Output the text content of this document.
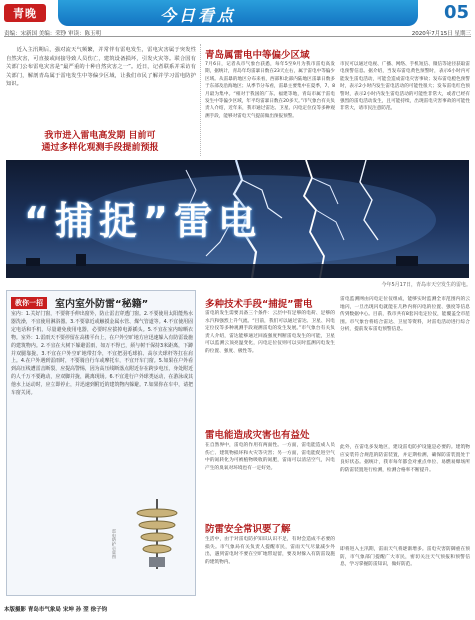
青晚	今日看点	05
责编：宋新国 美编：荣铮 审读：陈玉明	2020年7月15日 星期三

近入主汛期后，强对流天气频繁，并常伴有雷电发生，雷电灾害属于突发性自然灾害，可直接或间接导致人员伤亡，建筑设备损坏，引发火灾等。联合国有关部门公布雷电灾害是“最严重的十种自然灾害之一”。近日，记者联系并采访有关部门，解剖青岛属于雷电发生中等偏少区域，让我们市民了解并学习雷电防护知识。

我市进入雷电高发期 目前可
通过多样化观测手段提前预报
青岛属雷电中等偏少区域

7月6日，记者从市气象台获悉，每年5至9月为我市雷电高发期，据统计，青岛年均雷暴日数在23天左右，属于雷电中等偏少区域。从雷暴的地区分布来看，西部和北部内陆地区雷暴日数多于东部及沿海地区；从季节分布看，雷暴主要集中在夏季，7、8月最为集中。“相对于我国的广东、福建等地，青岛市属于雷电发生中等偏少区域，年平均雷暴日数在20多天。”市气象台有关负责人介绍，近年来，我市通过雷达、卫星、闪电定位仪等多种观测手段，能够对雷电天气提前做出预报预警。

市民可以通过电视、广播、网络、手机短信、微信等途径获取雷电预警信息。据介绍，当发布雷电黄色预警时，表示6小时内可能发生雷电活动，可能会造成雷电灾害事故；发布雷电橙色预警时，表示2小时内发生雷电活动的可能性很大；发布雷电红色预警时，表示2小时内发生雷电活动的可能性非常大，或者已经有强烈的雷电活动发生，且可能持续，出现雷电灾害事故的可能性非常大，请市民注意防范。

“捕捉”雷电
今年5月17日，青岛市天空发生的雷电。
教你一招	室内室外防雷“秘籍”

室内：1.关好门窗，不要将手伸出窗外，防止雷击穿透门窗。2.不要使用太阳能热水器洗澡，不宜使用淋浴器。3.不要靠近或触摸金属水管、煤气管道等。4.不宜使用固定电话和手机，尽量避免使用电器，必要时应拔掉电源插头。5.不宜在室内晾晒衣物。室外：1.雷雨天不要停留在高楼平台上，在户外空旷地方应迅速躲入有防雷设施的建筑物内。2.不宜在大树下躲避雷雨，如万不得已，须与树干保持3米距离，下蹲并双腿靠拢。3.不宜在户外空旷地带打伞，不宜把羽毛球拍、高尔夫球杆等扛在肩上。4.在户外遇到雷雨时，不要骑自行车或摩托车，不宜开车门窗。5.如果在户外看到高压线遭雷击断裂，应提高警惕，因为高压线断落点附近存在跨步电压，身处附近的人千万不要跑动，应双脚并拢，跳离现场。6.不宜进行户外球类运动，在游泳或其他水上运动时，应立即停止，并迅速到附近的建筑物内躲避。7.如果你在车中，请把车窗关闭。

雷电防护示意图
本版摄影 青岛市气象局 宋坤 孙 翌 徐子钧
多种技术手段“捕捉”雷电

雷电的发生需要具备三个条件：云层中有足够的电荷、足够的水汽和强烈上升气流。“目前，我们可以通过雷达、卫星、闪电定位仪等多种观测手段观测雷电的发生发展。”市气象台有关负责人介绍，雷达能够通过回波强度判断雷电发生的可能，卫星可以监测云顶亮温变化，闪电定位仪则可以实时监测闪电发生的位置、强度、极性等。

雷电能造成灾害也有益处

在自然界中，雷电的作用有两面性。一方面，雷电能造成人员伤亡、建筑物损坏和火灾等灾害；另一方面，雷电能促进空气中的氮转化为可被植物吸收的氮肥，雷雨可以清洁空气，闪电产生的臭氧对环境也有一定好处。

防雷安全常识要了解

生活中，由于对雷电防护知识认识不足，有时会造成不必要的损失。市气象局有关负责人提醒市民，雷雨天气尽量减少外出，遇到雷电时不要在空旷地带逗留，要及时躲入有防雷设施的建筑物内。

雷电监测网由闪电定位仪组成，能够实时监测全市范围内的云地闪，一旦出现闪电就能在几秒内将闪电的位置、强度等信息传到数据中心。目前，我市共有8套闪电定位仪，能覆盖全市范围。市气象台将结合雷达、卫星等资料，对雷电活动进行综合分析，提前发布雷电预警信息。

此外，在雷电多发地区，建设雷电防护设施是必要的。建筑物应安装符合规范的防雷装置，并定期检测，确保防雷装置处于良好状态。据统计，我市每年都会对重点单位、易燃易爆场所的防雷装置进行检测，检测合格率不断提升。

即将进入主汛期，雷雨天气将逐渐增多。雷电灾害防御重在预防，市气象部门提醒广大市民，密切关注天气预报和预警信息，学习掌握防雷知识，做好防范。
